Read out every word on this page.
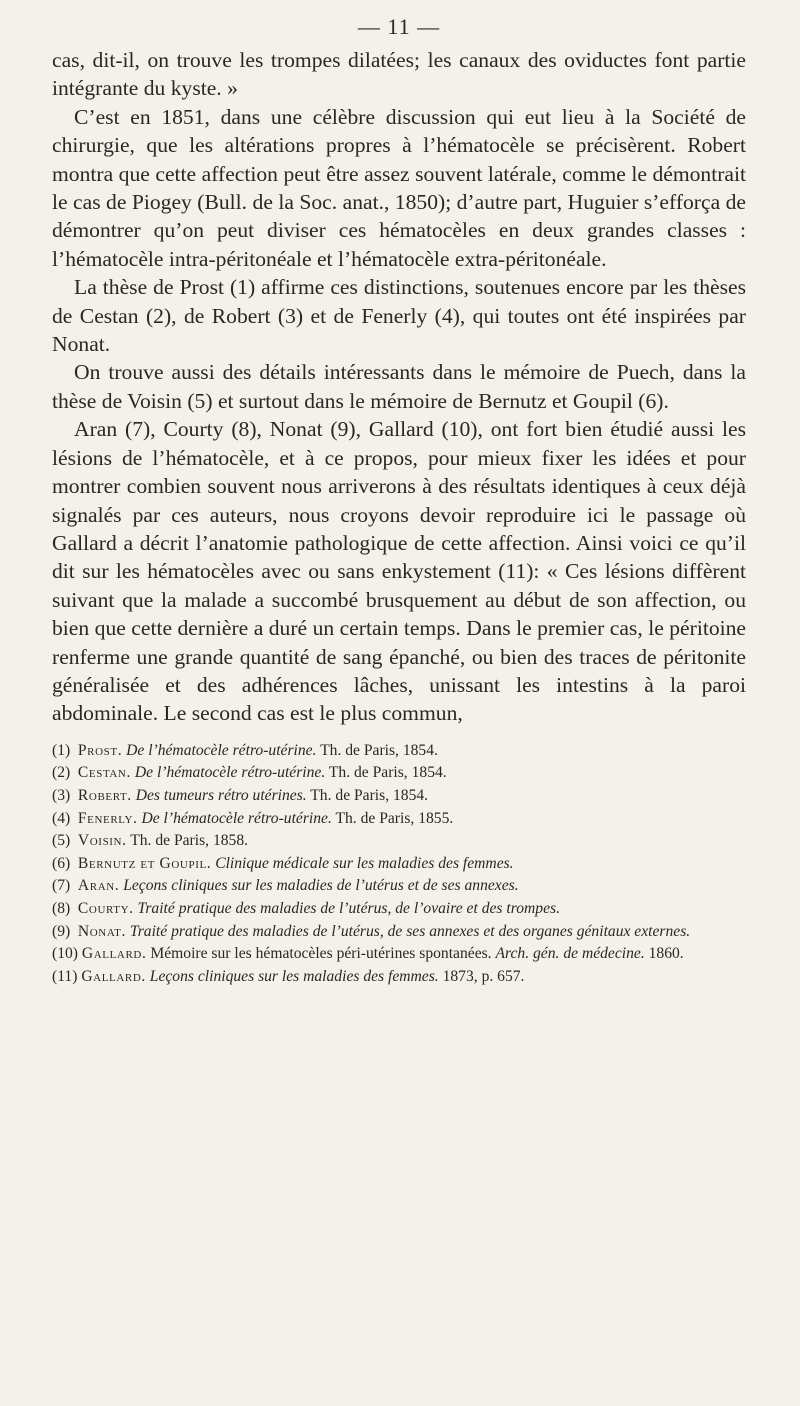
— 11 —

cas, dit-il, on trouve les trompes dilatées; les canaux des oviductes font partie intégrante du kyste. »

C’est en 1851, dans une célèbre discussion qui eut lieu à la Société de chirurgie, que les altérations propres à l’hématocèle se précisèrent. Robert montra que cette affection peut être assez souvent latérale, comme le démontrait le cas de Piogey (Bull. de la Soc. anat., 1850); d’autre part, Huguier s’efforça de démontrer qu’on peut diviser ces hématocèles en deux grandes classes : l’hématocèle intra-péritonéale et l’hématocèle extra-péritonéale.

La thèse de Prost (1) affirme ces distinctions, soutenues encore par les thèses de Cestan (2), de Robert (3) et de Fenerly (4), qui toutes ont été inspirées par Nonat.

On trouve aussi des détails intéressants dans le mémoire de Puech, dans la thèse de Voisin (5) et surtout dans le mémoire de Bernutz et Goupil (6).

Aran (7), Courty (8), Nonat (9), Gallard (10), ont fort bien étudié aussi les lésions de l’hématocèle, et à ce propos, pour mieux fixer les idées et pour montrer combien souvent nous arriverons à des résultats identiques à ceux déjà signalés par ces auteurs, nous croyons devoir reproduire ici le passage où Gallard a décrit l’anatomie pathologique de cette affection. Ainsi voici ce qu’il dit sur les hématocèles avec ou sans enkystement (11): « Ces lésions diffèrent suivant que la malade a succombé brusquement au début de son affection, ou bien que cette dernière a duré un certain temps. Dans le premier cas, le péritoine renferme une grande quantité de sang épanché, ou bien des traces de péritonite généralisée et des adhérences lâches, unissant les intestins à la paroi abdominale. Le second cas est le plus commun,

(1) Prost. De l’hématocèle rétro-utérine. Th. de Paris, 1854.

(2) Cestan. De l’hématocèle rétro-utérine. Th. de Paris, 1854.

(3) Robert. Des tumeurs rétro utérines. Th. de Paris, 1854.

(4) Fenerly. De l’hématocèle rétro-utérine. Th. de Paris, 1855.

(5) Voisin. Th. de Paris, 1858.

(6) Bernutz et Goupil. Clinique médicale sur les maladies des femmes.

(7) Aran. Leçons cliniques sur les maladies de l’utérus et de ses annexes.

(8) Courty. Traité pratique des maladies de l’utérus, de l’ovaire et des trompes.

(9) Nonat. Traité pratique des maladies de l’utérus, de ses annexes et des organes génitaux externes.

(10) Gallard. Mémoire sur les hématocèles péri-utérines spontanées. Arch. gén. de médecine. 1860.

(11) Gallard. Leçons cliniques sur les maladies des femmes. 1873, p. 657.
